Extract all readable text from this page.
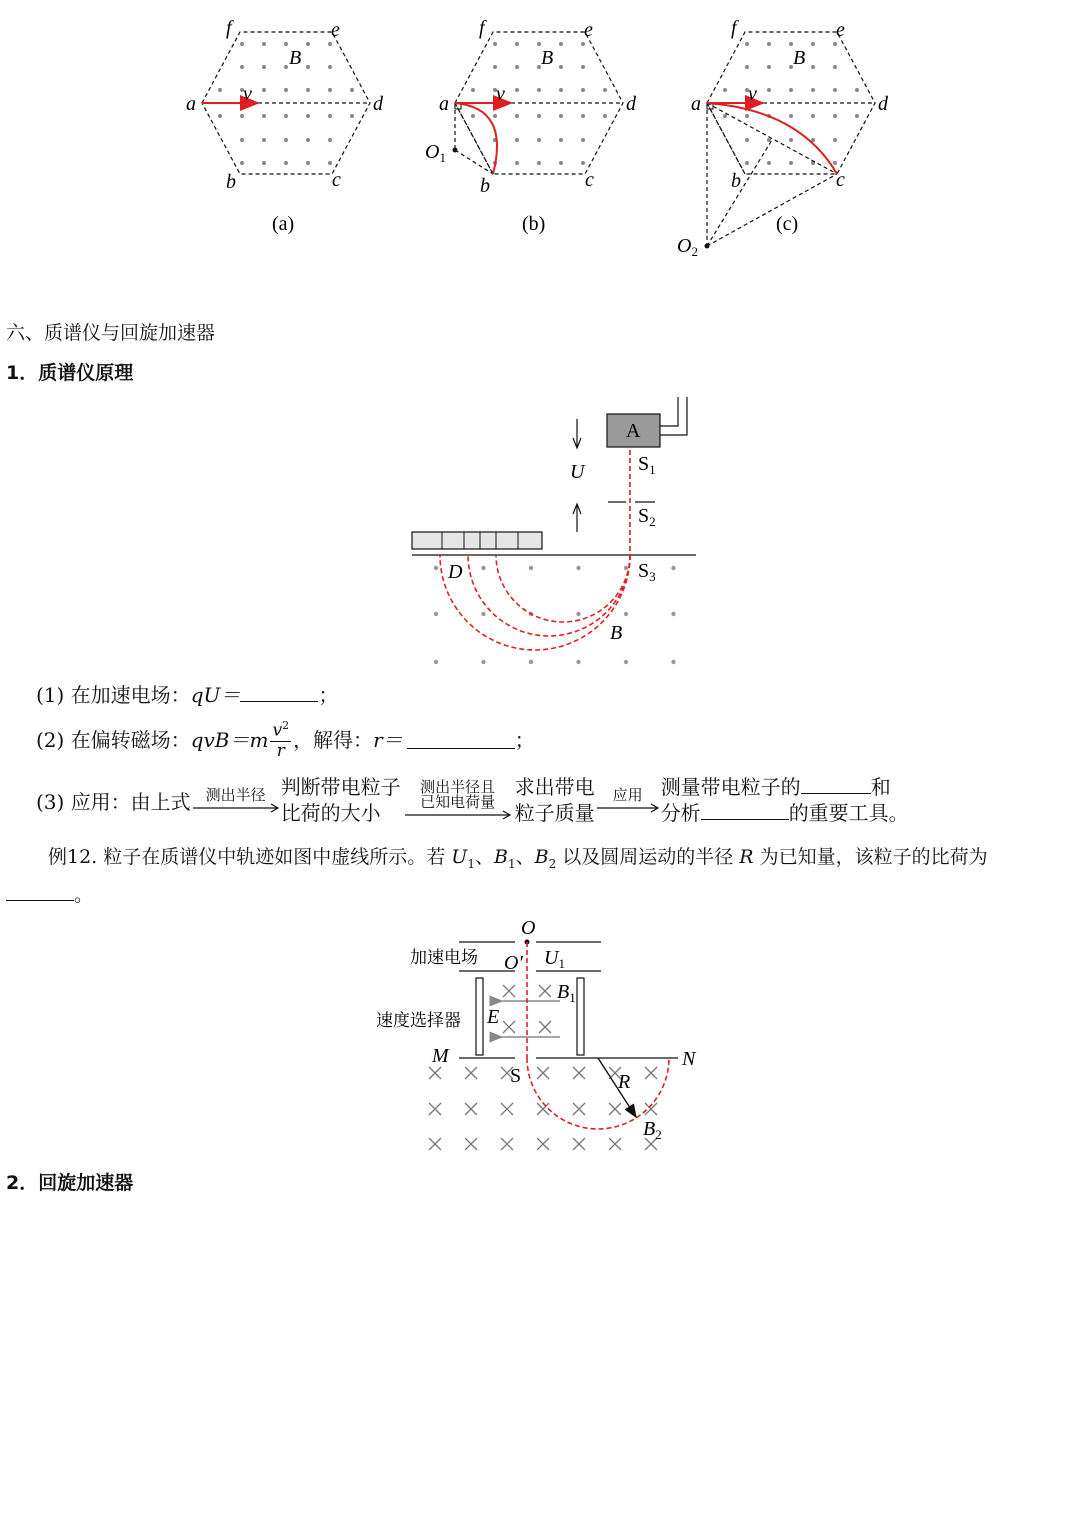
f	e
a	d
b	c
B
v
(a)
f	e
a	d
b	c
B
v
$O_1$
(b)
f	e
a	d
b	c
B
v
$O_2$
(c)
六、质谱仪与回旋加速器
1．质谱仪原理
A
U	$S_1$
$S_2$
$S_3$
D
B
(1) 在加速电场：qU＝	；
(2) 在偏转磁场： $qvB=m \frac{v^2}{r}$ ，解得： r＝	；
(3) 应用：由上式 测出半径 判断带电粒子
比荷的大小
测出半径且
已知电荷量
求出带电
粒子质量
应用 测量带电粒子的	和
分析	的重要工具。
例12. 粒子在质谱仪中轨迹如图中虚线所示。若 $U_1$、$B_1$、$B_2$ 以及圆周运动的半径 R 为已知量，该粒子的比荷为
。
O
O′ $U_1$
加速电场
速度选择器 E
$B_1$
M	N
S	R
$B_2$
2．回旋加速器
